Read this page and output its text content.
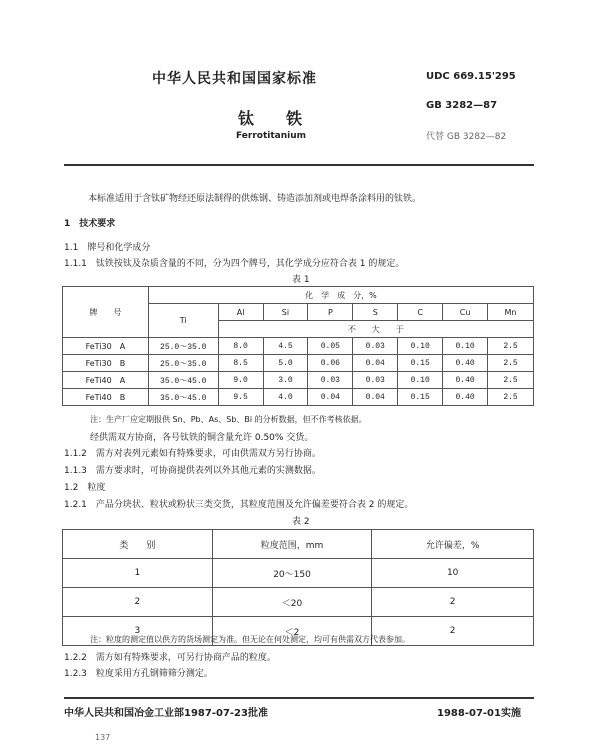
中华人民共和国国家标准	UDC 669.15'295
GB 3282—87
钛　　铁
Ferrotitanium	代替 GB 3282—82
本标准适用于含钛矿物经还原法制得的供炼钢、铸造添加剂或电焊条涂料用的钛铁。
1　技术要求
1.1　牌号和化学成分
1.1.1　钛铁按钛及杂质含量的不同，分为四个牌号，其化学成分应符合表 1 的规定。
表 1
牌　　号	化　学　成　分，%							
	Ti	Al	Si	P	S	C	Cu	Mn
		不　　大　　于						
FeTi30　A	25.0～35.0	8.0	4.5	0.05	0.03	0.10	0.10	2.5
FeTi30　B	25.0～35.0	8.5	5.0	0.06	0.04	0.15	0.40	2.5
FeTi40　A	35.0～45.0	9.0	3.0	0.03	0.03	0.10	0.40	2.5
FeTi40　B	35.0～45.0	9.5	4.0	0.04	0.04	0.15	0.40	2.5
注：生产厂应定期报供 Sn、Pb、As、Sb、Bi 的分析数据，但不作考核依据。
经供需双方协商，各号钛铁的铜含量允许 0.50% 交货。
1.1.2　需方对表列元素如有特殊要求，可由供需双方另行协商。
1.1.3　需方要求时，可协商提供表列以外其他元素的实测数据。
1.2　粒度
1.2.1　产品分块状、粒状或粉状三类交货，其粒度范围及允许偏差要符合表 2 的规定。
表 2
类　　别	粒度范围，mm	允许偏差，%
1	20～150	10
2	＜20	2
3	＜2	2
注：粒度的测定值以供方的货场测定为准。但无论在何处测定，均可有供需双方代表参加。
1.2.2　需方如有特殊要求，可另行协商产品的粒度。
1.2.3　粒度采用方孔钢筛筛分测定。
中华人民共和国冶金工业部1987-07-23批准	1988-07-01实施
137
